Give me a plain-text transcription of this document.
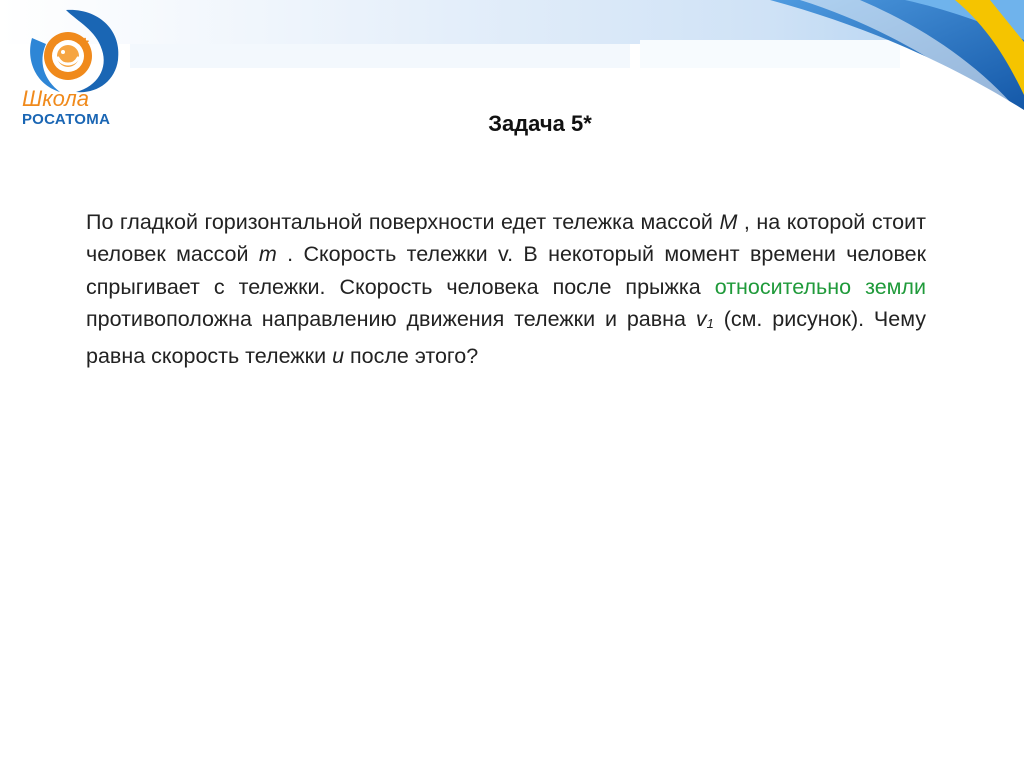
+
Школа
РОСАТОМА	Задача 5*
По гладкой горизонтальной поверхности едет тележка массой M , на которой стоит человек массой m . Скорость тележки v. В некоторый момент времени человек спрыгивает с тележки. Скорость человека после прыжка относительно земли противоположна направлению движения тележки и равна v1 (см. рисунок). Чему равна скорость тележки u после этого?
